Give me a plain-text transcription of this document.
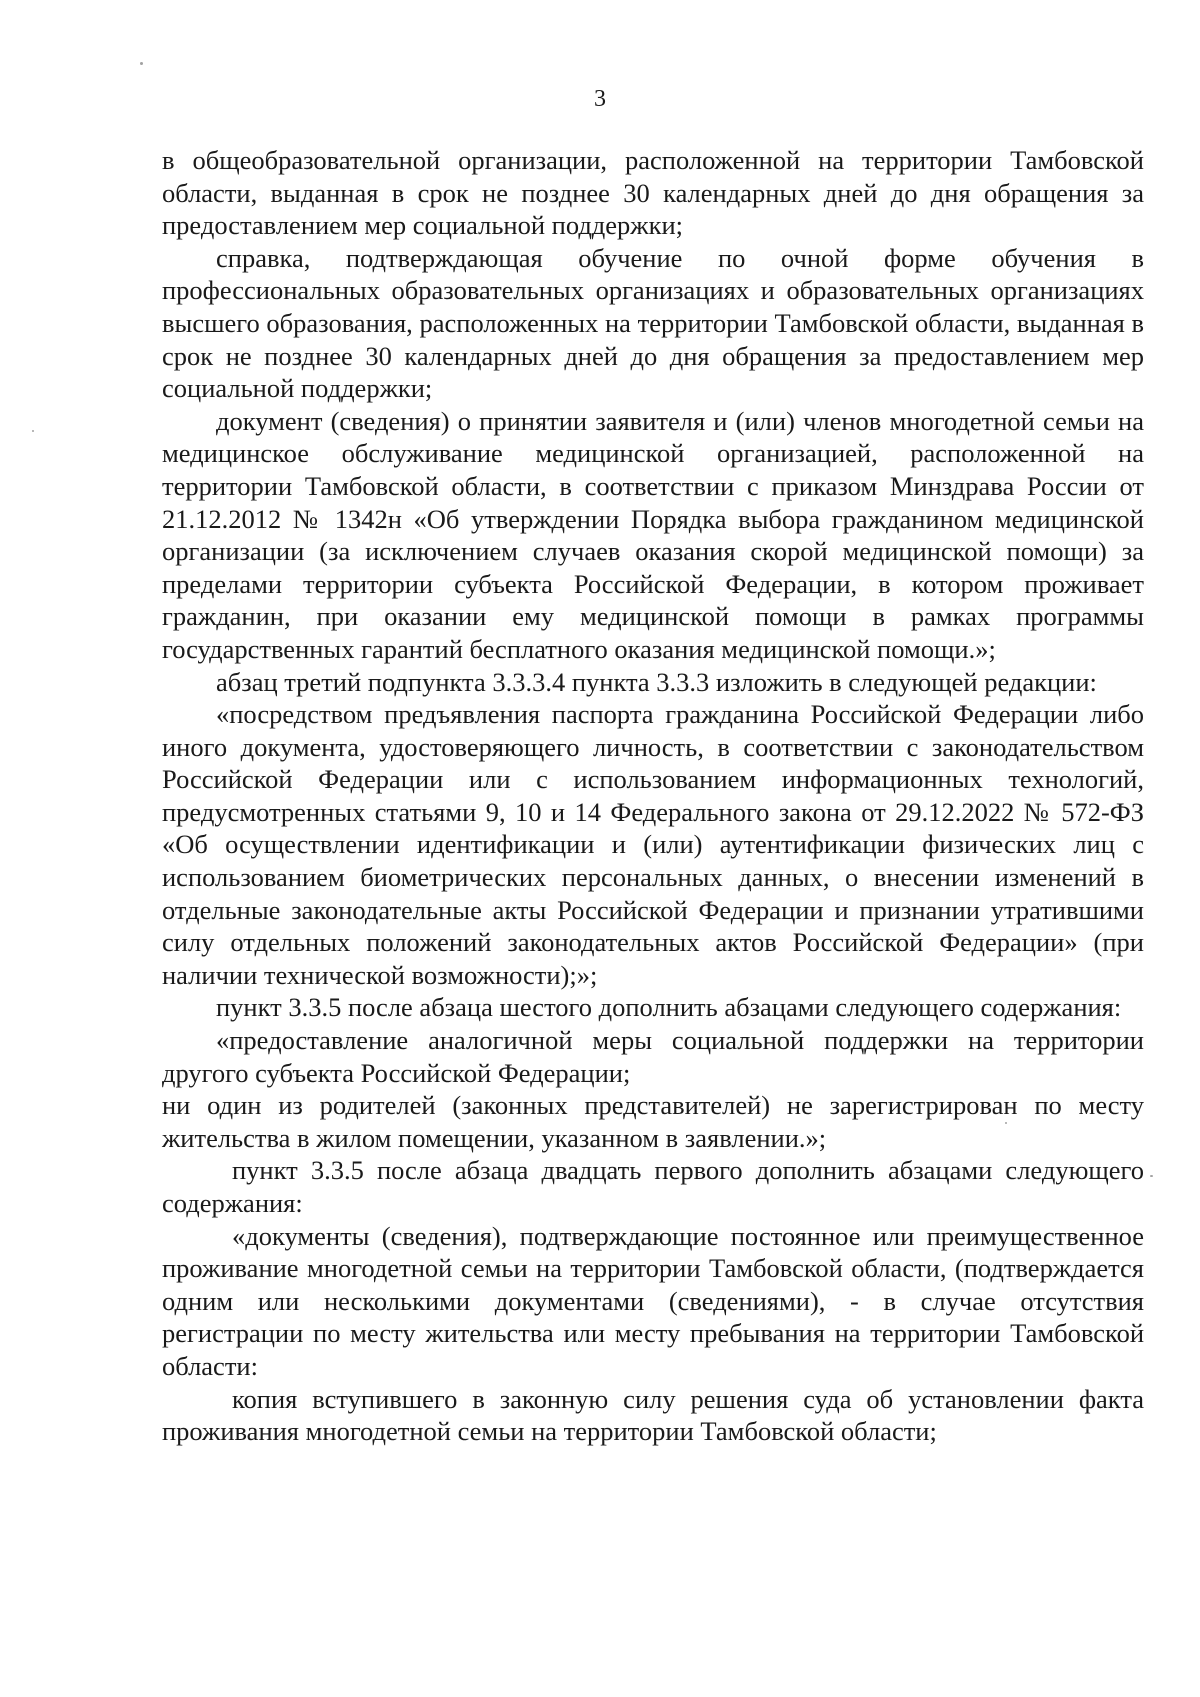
3

в общеобразовательной организации, расположенной на территории Тамбовской области, выданная в срок не позднее 30 календарных дней до дня обращения за предоставлением мер социальной поддержки;

справка, подтверждающая обучение по очной форме обучения в профессиональных образовательных организациях и образовательных организациях высшего образования, расположенных на территории Тамбовской области, выданная в срок не позднее 30 календарных дней до дня обращения за предоставлением мер социальной поддержки;

документ (сведения) о принятии заявителя и (или) членов многодетной семьи на медицинское обслуживание медицинской организацией, расположенной на территории Тамбовской области, в соответствии с приказом Минздрава России от 21.12.2012 № 1342н «Об утверждении Порядка выбора гражданином медицинской организации (за исключением случаев оказания скорой медицинской помощи) за пределами территории субъекта Российской Федерации, в котором проживает гражданин, при оказании ему медицинской помощи в рамках программы государственных гарантий бесплатного оказания медицинской помощи.»;

абзац третий подпункта 3.3.3.4 пункта 3.3.3 изложить в следующей редакции:

«посредством предъявления паспорта гражданина Российской Федерации либо иного документа, удостоверяющего личность, в соответствии с законодательством Российской Федерации или с использованием информационных технологий, предусмотренных статьями 9, 10 и 14 Федерального закона от 29.12.2022 № 572-ФЗ «Об осуществлении идентификации и (или) аутентификации физических лиц с использованием биометрических персональных данных, о внесении изменений в отдельные законодательные акты Российской Федерации и признании утратившими силу отдельных положений законодательных актов Российской Федерации» (при наличии технической возможности);»;

пункт 3.3.5 после абзаца шестого дополнить абзацами следующего содержания:

«предоставление аналогичной меры социальной поддержки на территории другого субъекта Российской Федерации;

ни один из родителей (законных представителей) не зарегистрирован по месту жительства в жилом помещении, указанном в заявлении.»;

пункт 3.3.5 после абзаца двадцать первого дополнить абзацами следующего содержания:

«документы (сведения), подтверждающие постоянное или преимущественное проживание многодетной семьи на территории Тамбовской области, (подтверждается одним или несколькими документами (сведениями), - в случае отсутствия регистрации по месту жительства или месту пребывания на территории Тамбовской области:

копия вступившего в законную силу решения суда об установлении факта проживания многодетной семьи на территории Тамбовской области;
